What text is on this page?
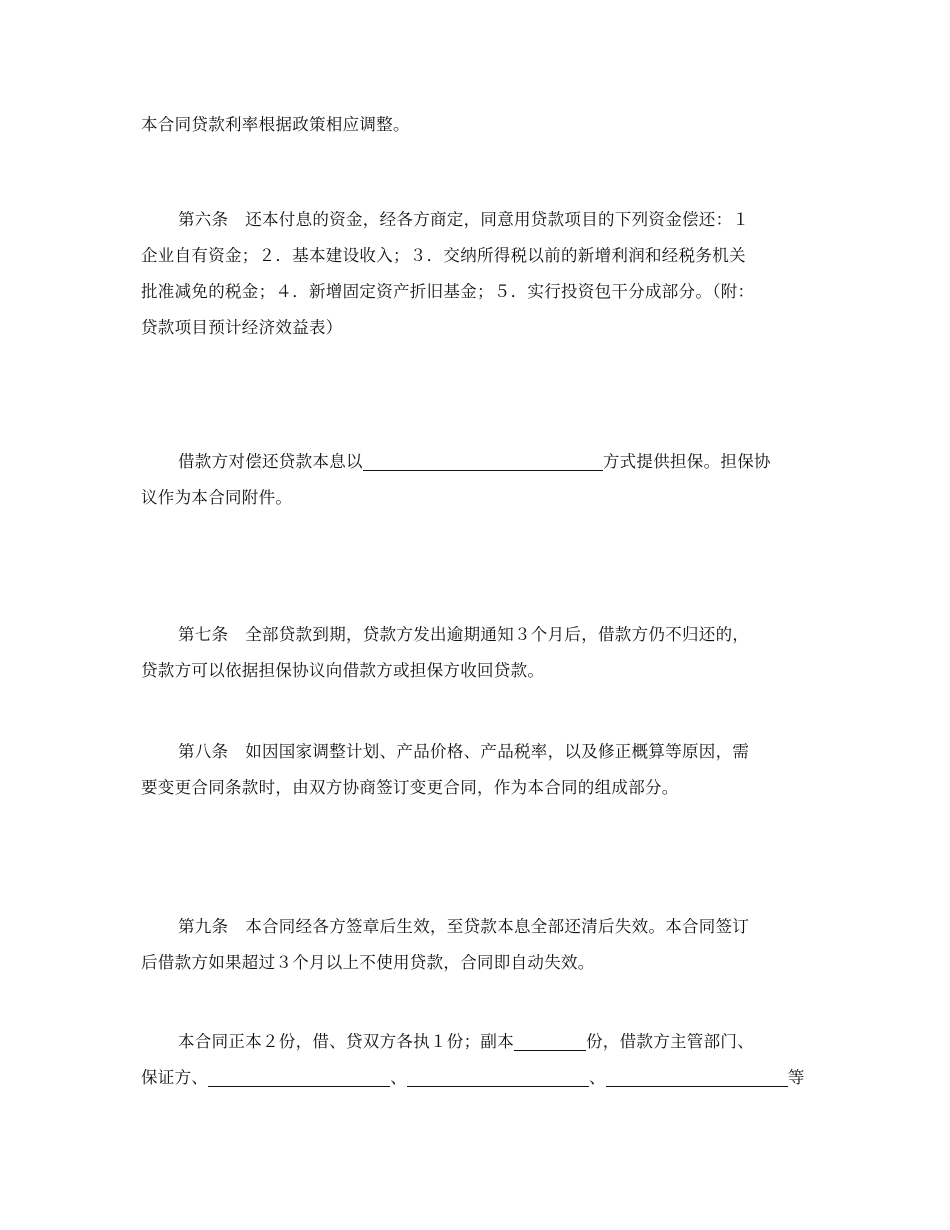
本合同贷款利率根据政策相应调整。

第六条　还本付息的资金，经各方商定，同意用贷款项目的下列资金偿还：１
企业自有资金；２．基本建设收入；３．交纳所得税以前的新增利润和经税务机关
批准减免的税金；４．新增固定资产折旧基金；５．实行投资包干分成部分。（附：
贷款项目预计经济效益表）

借款方对偿还贷款本息以	方式提供担保。担保协
议作为本合同附件。

第七条　全部贷款到期，贷款方发出逾期通知３个月后，借款方仍不归还的，
贷款方可以依据担保协议向借款方或担保方收回贷款。

第八条　如因国家调整计划、产品价格、产品税率，以及修正概算等原因，需
要变更合同条款时，由双方协商签订变更合同，作为本合同的组成部分。

第九条　本合同经各方签章后生效，至贷款本息全部还清后失效。本合同签订
后借款方如果超过３个月以上不使用贷款，合同即自动失效。

本合同正本２份，借、贷双方各执１份；副本	份，借款方主管部门、
保证方、	、	、	等
